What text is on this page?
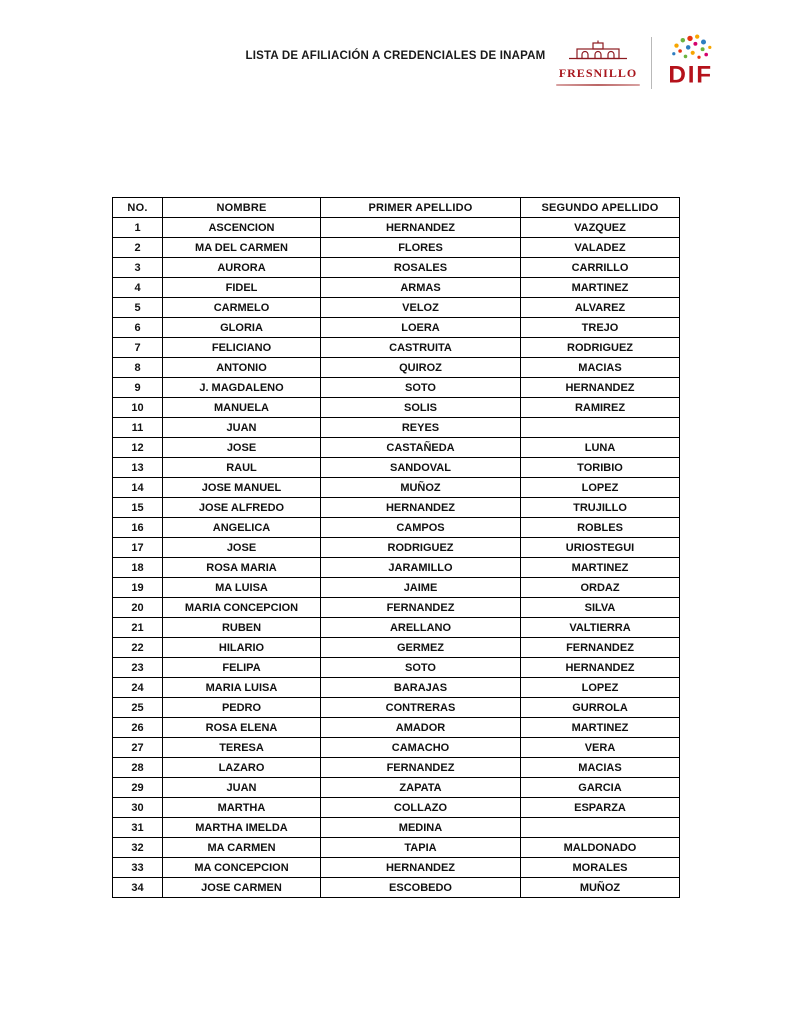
LISTA DE AFILIACIÓN A CREDENCIALES DE INAPAM
FRESNILLO DIF
NO.	NOMBRE	PRIMER APELLIDO	SEGUNDO APELLIDO
1	ASCENCION	HERNANDEZ	VAZQUEZ
2	MA DEL CARMEN	FLORES	VALADEZ
3	AURORA	ROSALES	CARRILLO
4	FIDEL	ARMAS	MARTINEZ
5	CARMELO	VELOZ	ALVAREZ
6	GLORIA	LOERA	TREJO
7	FELICIANO	CASTRUITA	RODRIGUEZ
8	ANTONIO	QUIROZ	MACIAS
9	J. MAGDALENO	SOTO	HERNANDEZ
10	MANUELA	SOLIS	RAMIREZ
11	JUAN	REYES	
12	JOSE	CASTAÑEDA	LUNA
13	RAUL	SANDOVAL	TORIBIO
14	JOSE MANUEL	MUÑOZ	LOPEZ
15	JOSE ALFREDO	HERNANDEZ	TRUJILLO
16	ANGELICA	CAMPOS	ROBLES
17	JOSE	RODRIGUEZ	URIOSTEGUI
18	ROSA MARIA	JARAMILLO	MARTINEZ
19	MA LUISA	JAIME	ORDAZ
20	MARIA CONCEPCION	FERNANDEZ	SILVA
21	RUBEN	ARELLANO	VALTIERRA
22	HILARIO	GERMEZ	FERNANDEZ
23	FELIPA	SOTO	HERNANDEZ
24	MARIA LUISA	BARAJAS	LOPEZ
25	PEDRO	CONTRERAS	GURROLA
26	ROSA ELENA	AMADOR	MARTINEZ
27	TERESA	CAMACHO	VERA
28	LAZARO	FERNANDEZ	MACIAS
29	JUAN	ZAPATA	GARCIA
30	MARTHA	COLLAZO	ESPARZA
31	MARTHA IMELDA	MEDINA	
32	MA CARMEN	TAPIA	MALDONADO
33	MA CONCEPCION	HERNANDEZ	MORALES
34	JOSE CARMEN	ESCOBEDO	MUÑOZ
